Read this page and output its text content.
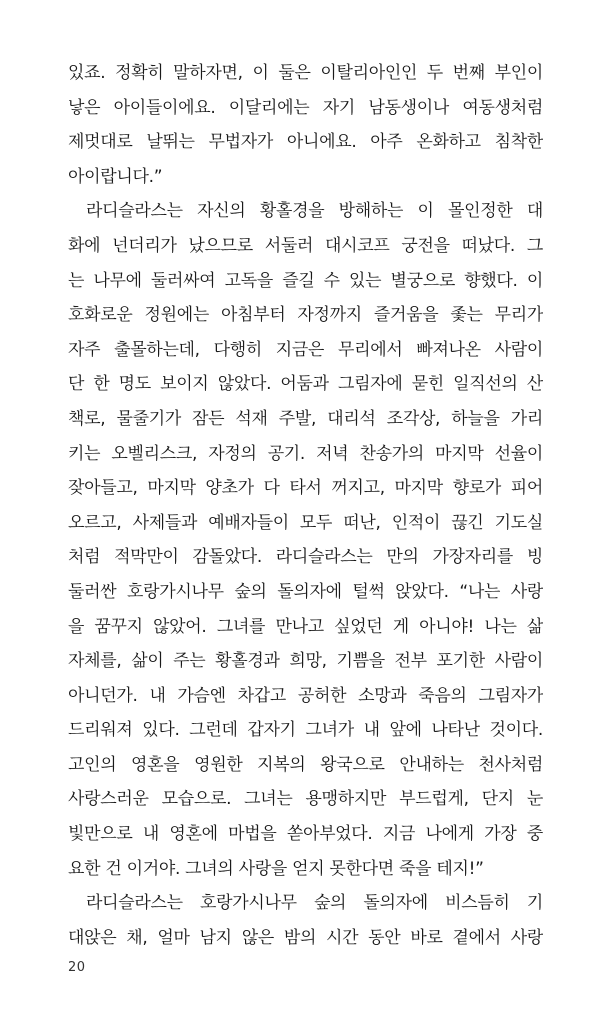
있죠. 정확히 말하자면, 이 둘은 이탈리아인인 두 번째 부인이
낳은 아이들이에요. 이달리에는 자기 남동생이나 여동생처럼
제멋대로 날뛰는 무법자가 아니에요. 아주 온화하고 침착한
아이랍니다.”
라디슬라스는 자신의 황홀경을 방해하는 이 몰인정한 대
화에 넌더리가 났으므로 서둘러 대시코프 궁전을 떠났다. 그
는 나무에 둘러싸여 고독을 즐길 수 있는 별궁으로 향했다. 이
호화로운 정원에는 아침부터 자정까지 즐거움을 좇는 무리가
자주 출몰하는데, 다행히 지금은 무리에서 빠져나온 사람이
단 한 명도 보이지 않았다. 어둠과 그림자에 묻힌 일직선의 산
책로, 물줄기가 잠든 석재 주발, 대리석 조각상, 하늘을 가리
키는 오벨리스크, 자정의 공기. 저녁 찬송가의 마지막 선율이
잦아들고, 마지막 양초가 다 타서 꺼지고, 마지막 향로가 피어
오르고, 사제들과 예배자들이 모두 떠난, 인적이 끊긴 기도실
처럼 적막만이 감돌았다. 라디슬라스는 만의 가장자리를 빙
둘러싼 호랑가시나무 숲의 돌의자에 털썩 앉았다. “나는 사랑
을 꿈꾸지 않았어. 그녀를 만나고 싶었던 게 아니야! 나는 삶
자체를, 삶이 주는 황홀경과 희망, 기쁨을 전부 포기한 사람이
아니던가. 내 가슴엔 차갑고 공허한 소망과 죽음의 그림자가
드리워져 있다. 그런데 갑자기 그녀가 내 앞에 나타난 것이다.
고인의 영혼을 영원한 지복의 왕국으로 안내하는 천사처럼
사랑스러운 모습으로. 그녀는 용맹하지만 부드럽게, 단지 눈
빛만으로 내 영혼에 마법을 쏟아부었다. 지금 나에게 가장 중
요한 건 이거야. 그녀의 사랑을 얻지 못한다면 죽을 테지!”
라디슬라스는 호랑가시나무 숲의 돌의자에 비스듬히 기
대앉은 채, 얼마 남지 않은 밤의 시간 동안 바로 곁에서 사랑
20
